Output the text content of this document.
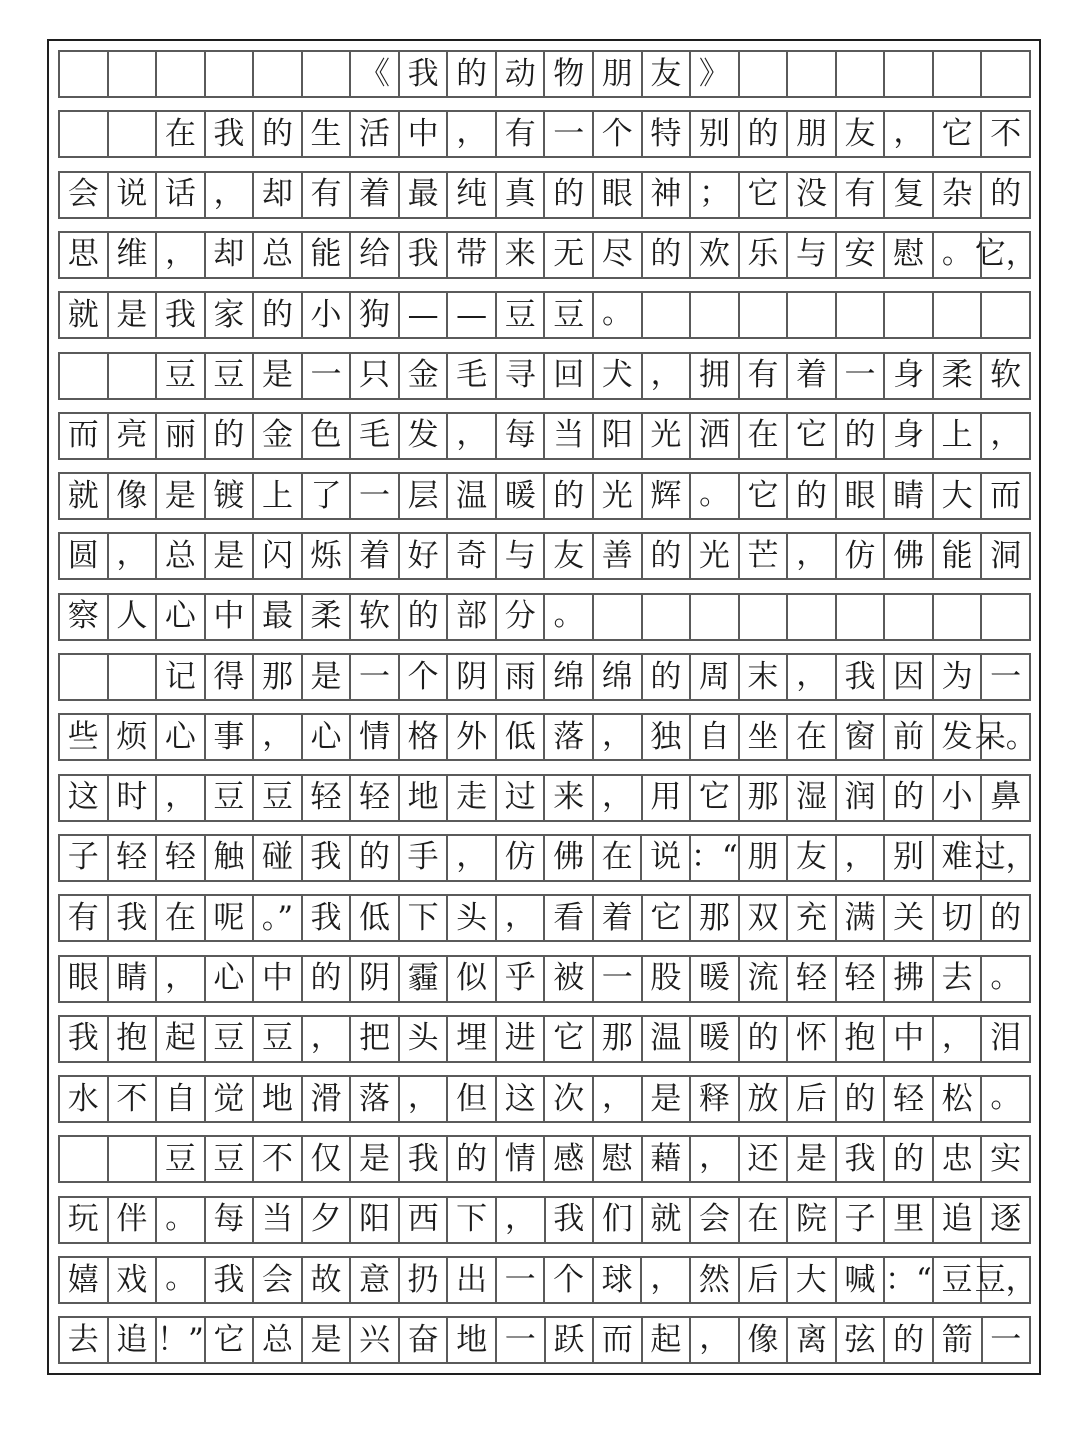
《 我 的 动 物 朋 友 》
在 我 的 生 活 中 ， 有 一 个 特 别 的 朋 友 ， 它 不
会 说 话 ， 却 有 着 最 纯 真 的 眼 神 ； 它 没 有 复 杂 的
思 维 ， 却 总 能 给 我 带 来 无 尽 的 欢 乐 与 安 慰 。 它，
就 是 我 家 的 小 狗 — — 豆 豆 。
豆 豆 是 一 只 金 毛 寻 回 犬 ， 拥 有 着 一 身 柔 软
而 亮 丽 的 金 色 毛 发 ， 每 当 阳 光 洒 在 它 的 身 上 ，
就 像 是 镀 上 了 一 层 温 暖 的 光 辉 。 它 的 眼 睛 大 而
圆 ， 总 是 闪 烁 着 好 奇 与 友 善 的 光 芒 ， 仿 佛 能 洞
察 人 心 中 最 柔 软 的 部 分 。
记 得 那 是 一 个 阴 雨 绵 绵 的 周 末 ， 我 因 为 一
些 烦 心 事 ， 心 情 格 外 低 落 ， 独 自 坐 在 窗 前 发 呆。
这 时 ， 豆 豆 轻 轻 地 走 过 来 ， 用 它 那 湿 润 的 小 鼻
子 轻 轻 触 碰 我 的 手 ， 仿 佛 在 说 ：“ 朋 友 ， 别 难 过，
有 我 在 呢 。” 我 低 下 头 ， 看 着 它 那 双 充 满 关 切 的
眼 睛 ， 心 中 的 阴 霾 似 乎 被 一 股 暖 流 轻 轻 拂 去 。
我 抱 起 豆 豆 ， 把 头 埋 进 它 那 温 暖 的 怀 抱 中 ， 泪
水 不 自 觉 地 滑 落 ， 但 这 次 ， 是 释 放 后 的 轻 松 。
豆 豆 不 仅 是 我 的 情 感 慰 藉 ， 还 是 我 的 忠 实
玩 伴 。 每 当 夕 阳 西 下 ， 我 们 就 会 在 院 子 里 追 逐
嬉 戏 。 我 会 故 意 扔 出 一 个 球 ， 然 后 大 喊 ：“ 豆 豆，
去 追 ！” 它 总 是 兴 奋 地 一 跃 而 起 ， 像 离 弦 的 箭 一
